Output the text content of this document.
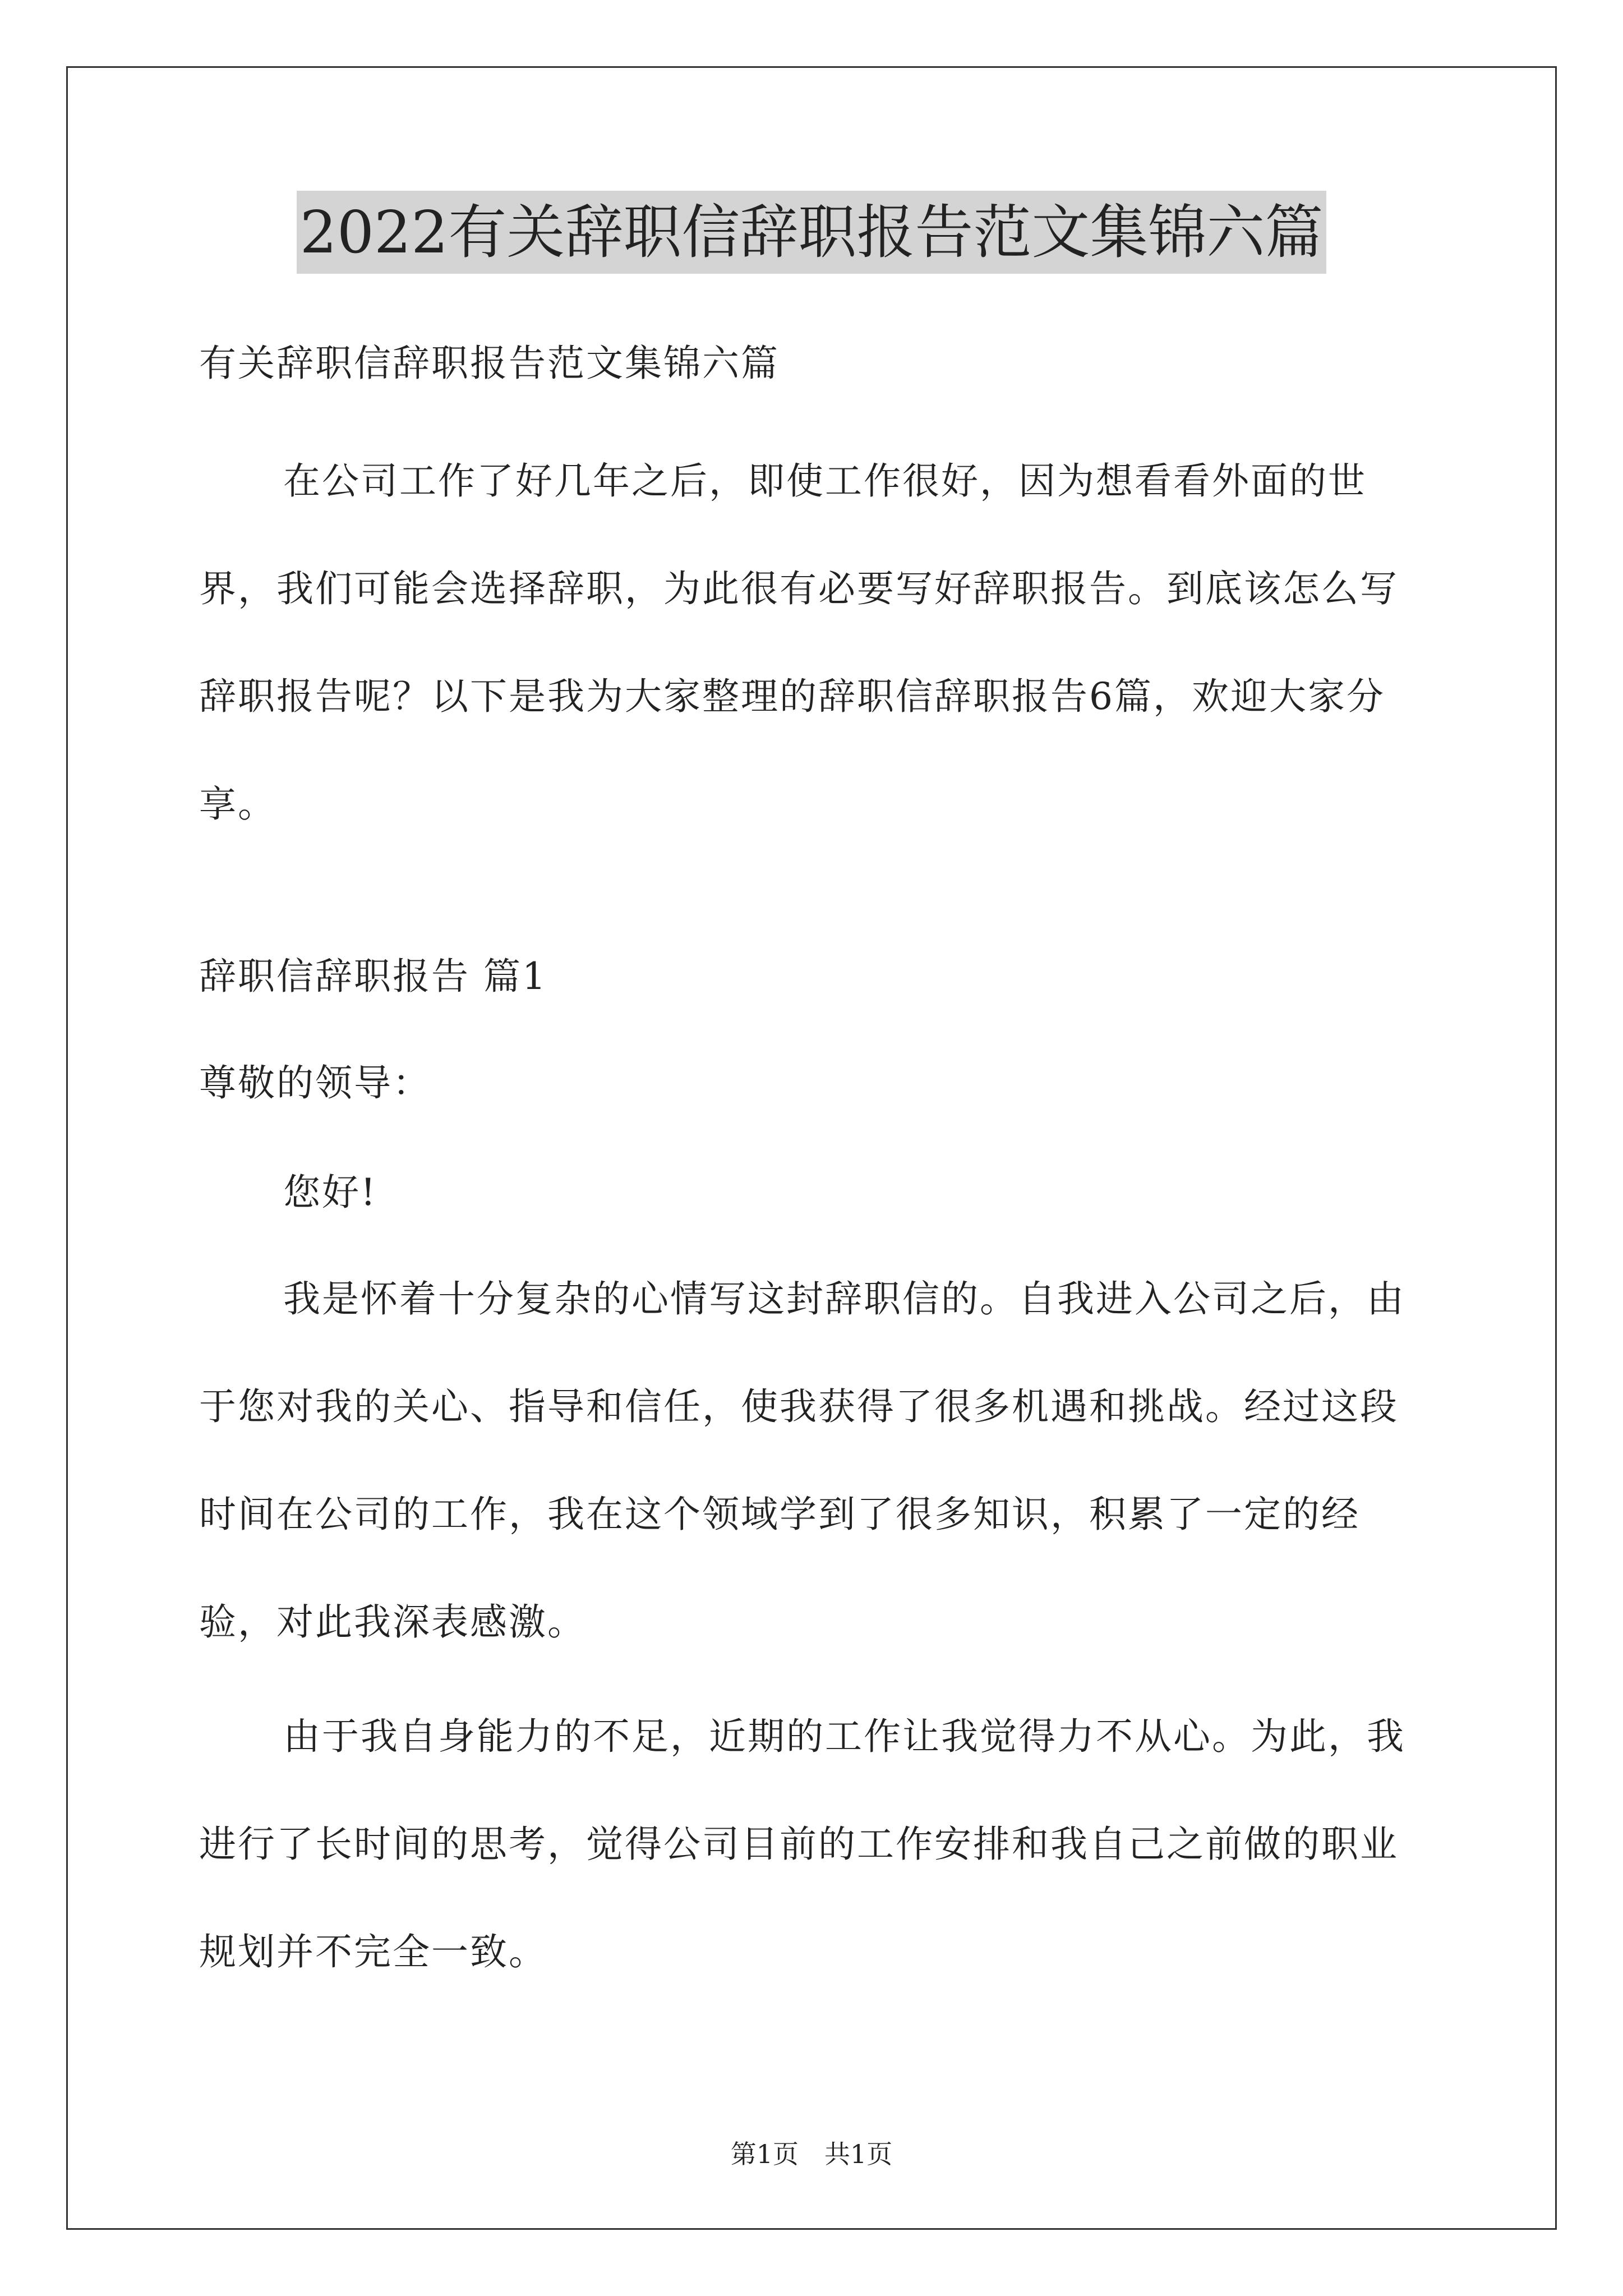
2022有关辞职信辞职报告范文集锦六篇

有关辞职信辞职报告范文集锦六篇

在公司工作了好几年之后，即使工作很好，因为想看看外面的世界，我们可能会选择辞职，为此很有必要写好辞职报告。到底该怎么写辞职报告呢？以下是我为大家整理的辞职信辞职报告6篇，欢迎大家分享。

辞职信辞职报告 篇1

尊敬的领导：

您好!

我是怀着十分复杂的心情写这封辞职信的。自我进入公司之后，由于您对我的关心、指导和信任，使我获得了很多机遇和挑战。经过这段时间在公司的工作，我在这个领域学到了很多知识，积累了一定的经验，对此我深表感激。

由于我自身能力的不足，近期的工作让我觉得力不从心。为此，我进行了长时间的思考，觉得公司目前的工作安排和我自己之前做的职业规划并不完全一致。

第1页　共1页
